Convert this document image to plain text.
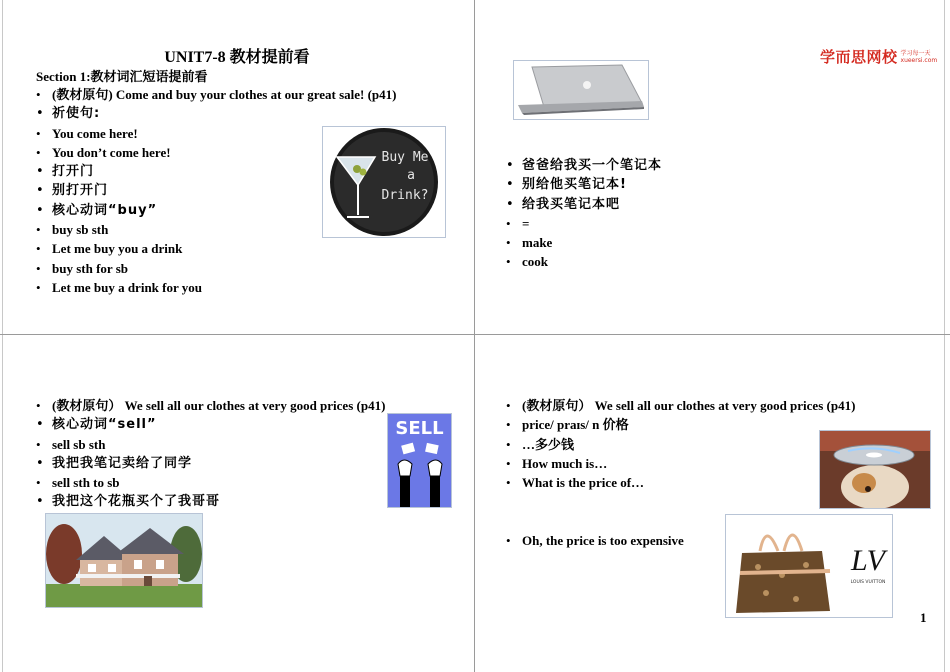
UNIT7-8 教材提前看
Section 1:教材词汇短语提前看
• (教材原句) Come and buy your clothes at our great sale! (p41)
• 祈使句:
• You come here!
• You don’t come here!
• 打开门
• 别打开门
• 核心动词“buy”
• buy sb sth
• Let me buy you a drink
• buy sth for sb
• Let me buy a drink for you
Buy Me
a
Drink?
学而思网校 学习每一天
xueersi.com
• 爸爸给我买一个笔记本
• 别给他买笔记本!
• 给我买笔记本吧
• =
• make
• cook
• (教材原句） We sell all our clothes at very good prices (p41)
• 核心动词“sell”
• sell sb sth
• 我把我笔记卖给了同学
• sell sth to sb
• 我把这个花瓶买个了我哥哥
SELL
• (教材原句） We sell all our clothes at very good prices (p41)
• price/ praɪs/ n 价格
• …多少钱
• How much is…
• What is the price of…
• Oh, the price is too expensive
LV
LOUIS VUITTON
1
